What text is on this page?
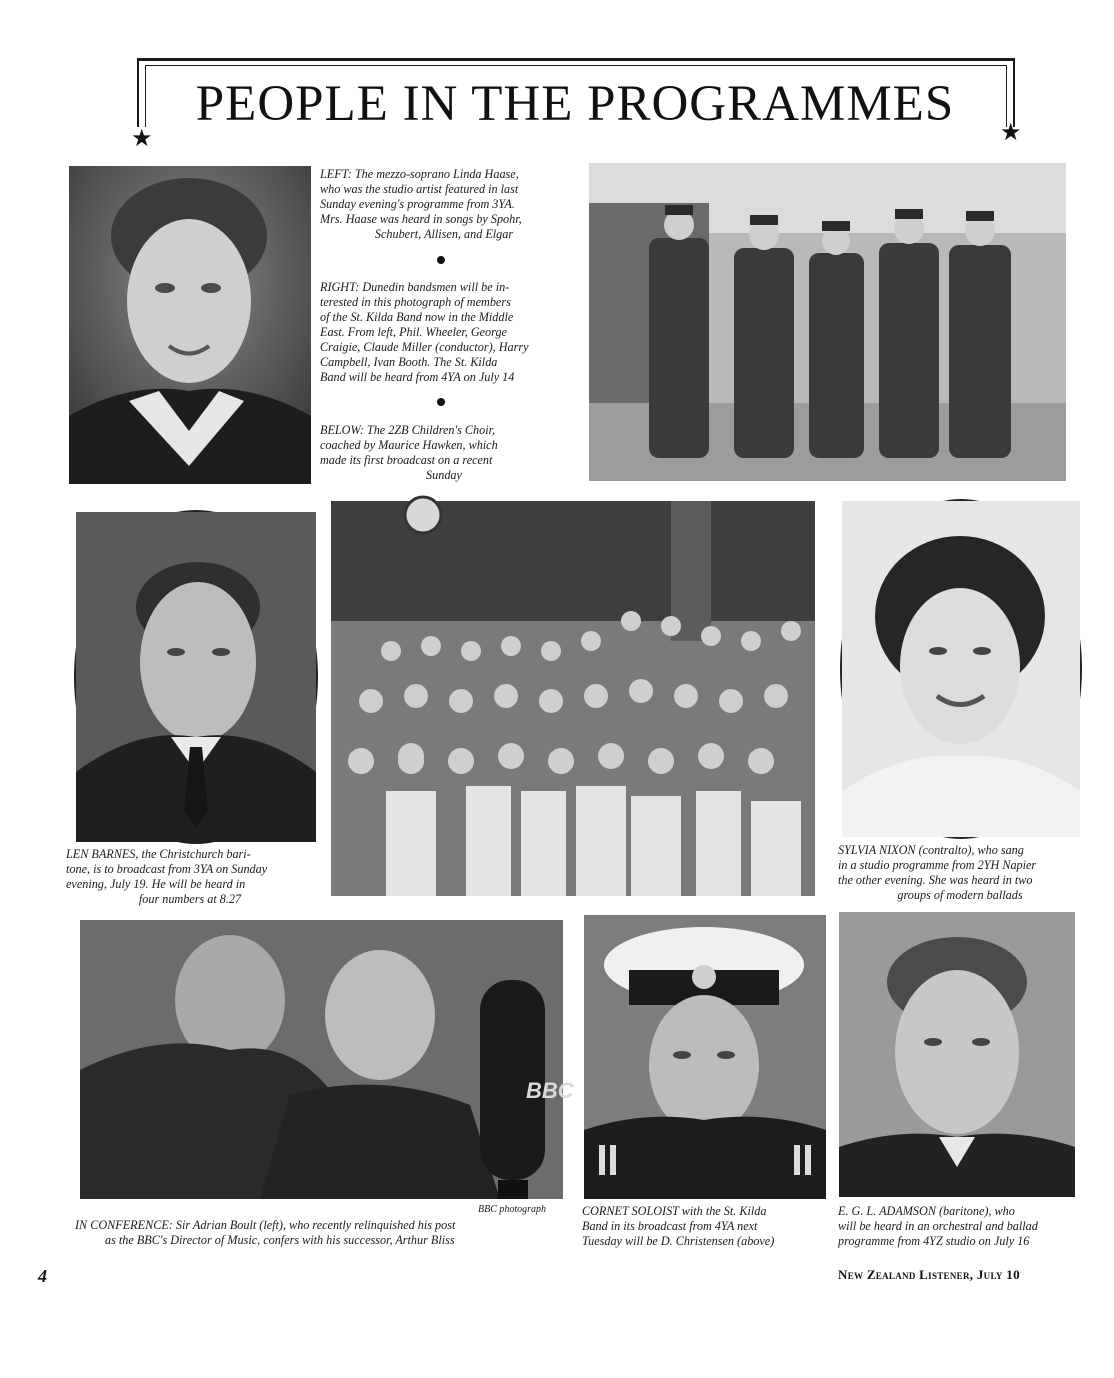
PEOPLE IN THE PROGRAMMES
★	★
LEFT: The mezzo-soprano Linda Haase,
who was the studio artist featured in last
Sunday evening's programme from 3YA.
Mrs. Haase was heard in songs by Spohr,
Schubert, Allisen, and Elgar
RIGHT: Dunedin bandsmen will be in-
terested in this photograph of members
of the St. Kilda Band now in the Middle
East. From left, Phil. Wheeler, George
Craigie, Claude Miller (conductor), Harry
Campbell, Ivan Booth. The St. Kilda
Band will be heard from 4YA on July 14
BELOW: The 2ZB Children's Choir,
coached by Maurice Hawken, which
made its first broadcast on a recent
Sunday
LEN BARNES, the Christchurch bari-
tone, is to broadcast from 3YA on Sunday
evening, July 19. He will be heard in
four numbers at 8.27
SYLVIA NIXON (contralto), who sang
in a studio programme from 2YH Napier
the other evening. She was heard in two
groups of modern ballads
BBC
BBC photograph
IN CONFERENCE: Sir Adrian Boult (left), who recently relinquished his post
as the BBC's Director of Music, confers with his successor, Arthur Bliss
CORNET SOLOIST with the St. Kilda
Band in its broadcast from 4YA next
Tuesday will be D. Christensen (above)
E. G. L. ADAMSON (baritone), who
will be heard in an orchestral and ballad
programme from 4YZ studio on July 16
4	New Zealand Listener, July 10
